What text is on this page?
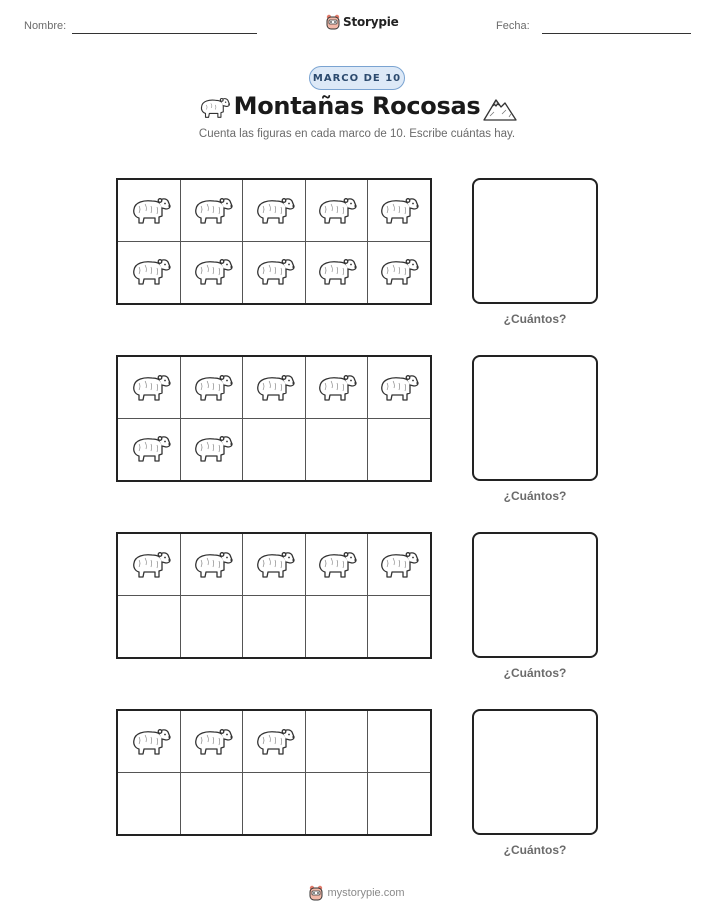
Nombre:	Storypie	Fecha:
MARCO DE 10
Montañas Rocosas
Cuenta las figuras en cada marco de 10. Escribe cuántas hay.
¿Cuántos?
¿Cuántos?
¿Cuántos?
¿Cuántos?
mystorypie.com
